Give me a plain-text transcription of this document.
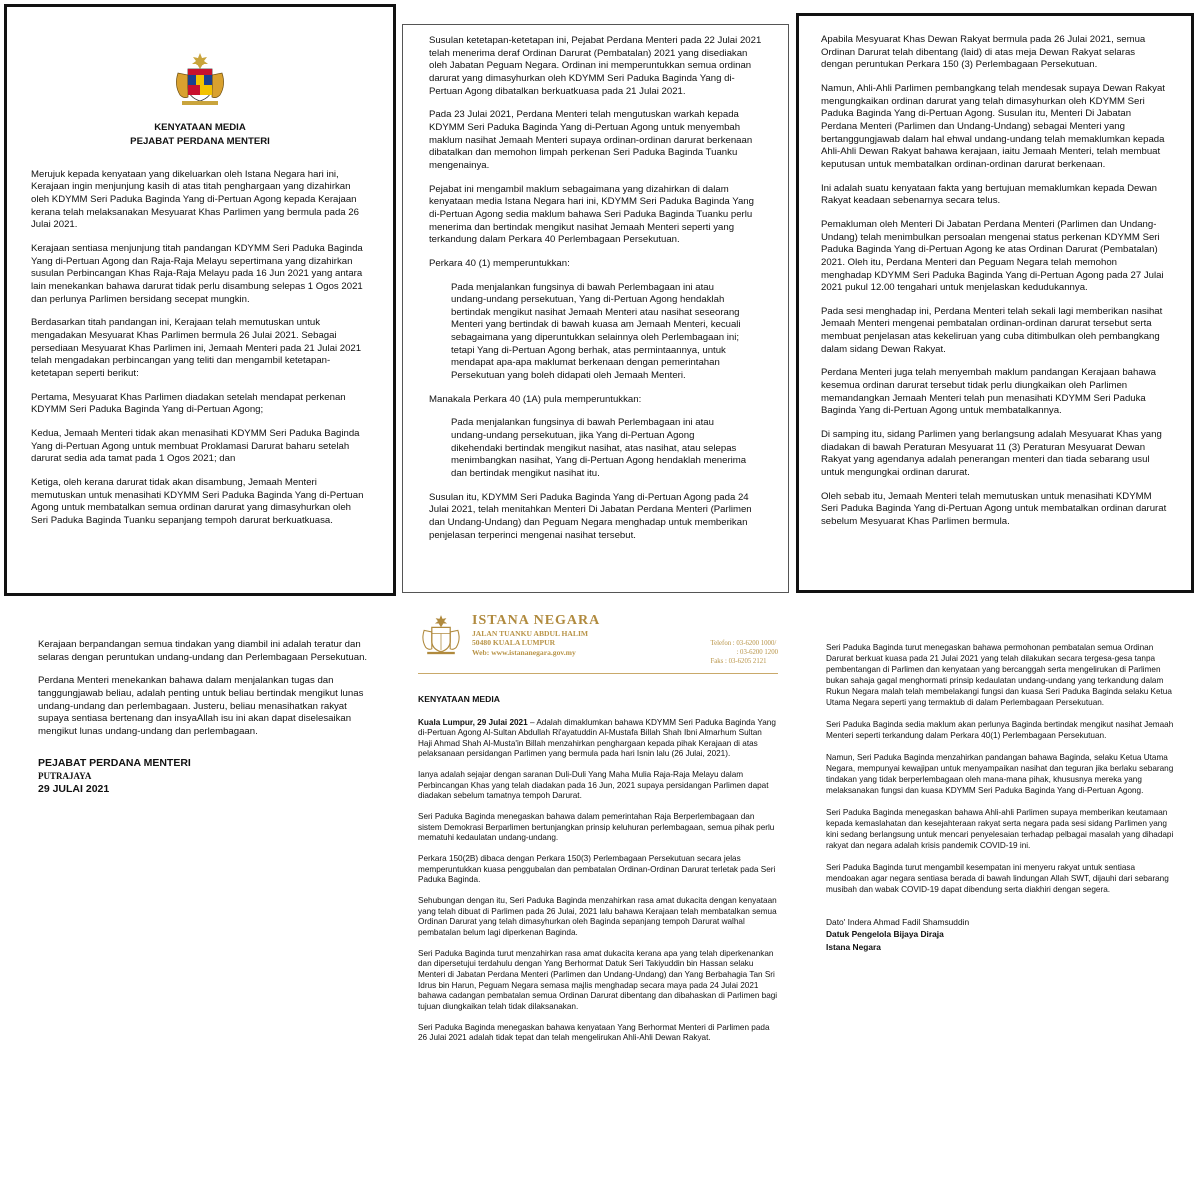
KENYATAAN MEDIA
PEJABAT PERDANA MENTERI

Merujuk kepada kenyataan yang dikeluarkan oleh Istana Negara hari ini, Kerajaan ingin menjunjung kasih di atas titah penghargaan yang dizahirkan oleh KDYMM Seri Paduka Baginda Yang di-Pertuan Agong kepada Kerajaan kerana telah melaksanakan Mesyuarat Khas Parlimen yang bermula pada 26 Julai 2021.

Kerajaan sentiasa menjunjung titah pandangan KDYMM Seri Paduka Baginda Yang di-Pertuan Agong dan Raja-Raja Melayu sepertimana yang dizahirkan susulan Perbincangan Khas Raja-Raja Melayu pada 16 Jun 2021 yang antara lain menekankan bahawa darurat tidak perlu disambung selepas 1 Ogos 2021 dan perlunya Parlimen bersidang secepat mungkin.

Berdasarkan titah pandangan ini, Kerajaan telah memutuskan untuk mengadakan Mesyuarat Khas Parlimen bermula 26 Julai 2021. Sebagai persediaan Mesyuarat Khas Parlimen ini, Jemaah Menteri pada 21 Julai 2021 telah mengadakan perbincangan yang teliti dan mengambil ketetapan-ketetapan seperti berikut:

Pertama, Mesyuarat Khas Parlimen diadakan setelah mendapat perkenan KDYMM Seri Paduka Baginda Yang di-Pertuan Agong;

Kedua, Jemaah Menteri tidak akan menasihati KDYMM Seri Paduka Baginda Yang di-Pertuan Agong untuk membuat Proklamasi Darurat baharu setelah darurat sedia ada tamat pada 1 Ogos 2021; dan

Ketiga, oleh kerana darurat tidak akan disambung, Jemaah Menteri memutuskan untuk menasihati KDYMM Seri Paduka Baginda Yang di-Pertuan Agong untuk membatalkan semua ordinan darurat yang dimasyhurkan oleh Seri Paduka Baginda Tuanku sepanjang tempoh darurat berkuatkuasa.

Susulan ketetapan-ketetapan ini, Pejabat Perdana Menteri pada 22 Julai 2021 telah menerima deraf Ordinan Darurat (Pembatalan) 2021 yang disediakan oleh Jabatan Peguam Negara. Ordinan ini memperuntukkan semua ordinan darurat yang dimasyhurkan oleh KDYMM Seri Paduka Baginda Yang di-Pertuan Agong dibatalkan berkuatkuasa pada 21 Julai 2021.

Pada 23 Julai 2021, Perdana Menteri telah mengutuskan warkah kepada KDYMM Seri Paduka Baginda Yang di-Pertuan Agong untuk menyembah maklum nasihat Jemaah Menteri supaya ordinan-ordinan darurat berkenaan dibatalkan dan memohon limpah perkenan Seri Paduka Baginda Tuanku mengenainya.

Pejabat ini mengambil maklum sebagaimana yang dizahirkan di dalam kenyataan media Istana Negara hari ini, KDYMM Seri Paduka Baginda Yang di-Pertuan Agong sedia maklum bahawa Seri Paduka Baginda Tuanku perlu menerima dan bertindak mengikut nasihat Jemaah Menteri seperti yang terkandung dalam Perkara 40 Perlembagaan Persekutuan.

Perkara 40 (1) memperuntukkan:

Pada menjalankan fungsinya di bawah Perlembagaan ini atau undang-undang persekutuan, Yang di-Pertuan Agong hendaklah bertindak mengikut nasihat Jemaah Menteri atau nasihat seseorang Menteri yang bertindak di bawah kuasa am Jemaah Menteri, kecuali sebagaimana yang diperuntukkan selainnya oleh Perlembagaan ini; tetapi Yang di-Pertuan Agong berhak, atas permintaannya, untuk mendapat apa-apa maklumat berkenaan dengan pemerintahan Persekutuan yang boleh didapati oleh Jemaah Menteri.

Manakala Perkara 40 (1A) pula memperuntukkan:

Pada menjalankan fungsinya di bawah Perlembagaan ini atau undang-undang persekutuan, jika Yang di-Pertuan Agong dikehendaki bertindak mengikut nasihat, atas nasihat, atau selepas menimbangkan nasihat, Yang di-Pertuan Agong hendaklah menerima dan bertindak mengikut nasihat itu.

Susulan itu, KDYMM Seri Paduka Baginda Yang di-Pertuan Agong pada 24 Julai 2021, telah menitahkan Menteri Di Jabatan Perdana Menteri (Parlimen dan Undang-Undang) dan Peguam Negara menghadap untuk memberikan penjelasan terperinci mengenai nasihat tersebut.

Apabila Mesyuarat Khas Dewan Rakyat bermula pada 26 Julai 2021, semua Ordinan Darurat telah dibentang (laid) di atas meja Dewan Rakyat selaras dengan peruntukan Perkara 150 (3) Perlembagaan Persekutuan.

Namun, Ahli-Ahli Parlimen pembangkang telah mendesak supaya Dewan Rakyat mengungkaikan ordinan darurat yang telah dimasyhurkan oleh KDYMM Seri Paduka Baginda Yang di-Pertuan Agong. Susulan itu, Menteri Di Jabatan Perdana Menteri (Parlimen dan Undang-Undang) sebagai Menteri yang bertanggungjawab dalam hal ehwal undang-undang telah memaklumkan kepada Ahli-Ahli Dewan Rakyat bahawa kerajaan, iaitu Jemaah Menteri, telah membuat keputusan untuk membatalkan ordinan-ordinan darurat berkenaan.

Ini adalah suatu kenyataan fakta yang bertujuan memaklumkan kepada Dewan Rakyat keadaan sebenarnya secara telus.

Pemakluman oleh Menteri Di Jabatan Perdana Menteri (Parlimen dan Undang-Undang) telah menimbulkan persoalan mengenai status perkenan KDYMM Seri Paduka Baginda Yang di-Pertuan Agong ke atas Ordinan Darurat (Pembatalan) 2021. Oleh itu, Perdana Menteri dan Peguam Negara telah memohon menghadap KDYMM Seri Paduka Baginda Yang di-Pertuan Agong pada 27 Julai 2021 pukul 12.00 tengahari untuk menjelaskan kedudukannya.

Pada sesi menghadap ini, Perdana Menteri telah sekali lagi memberikan nasihat Jemaah Menteri mengenai pembatalan ordinan-ordinan darurat tersebut serta membuat penjelasan atas kekeliruan yang cuba ditimbulkan oleh pembangkang dalam sidang Dewan Rakyat.

Perdana Menteri juga telah menyembah maklum pandangan Kerajaan bahawa kesemua ordinan darurat tersebut tidak perlu diungkaikan oleh Parlimen memandangkan Jemaah Menteri telah pun menasihati KDYMM Seri Paduka Baginda Yang di-Pertuan Agong untuk membatalkannya.

Di samping itu, sidang Parlimen yang berlangsung adalah Mesyuarat Khas yang diadakan di bawah Peraturan Mesyuarat 11 (3) Peraturan Mesyuarat Dewan Rakyat yang agendanya adalah penerangan menteri dan tiada sebarang usul untuk mengungkai ordinan darurat.

Oleh sebab itu, Jemaah Menteri telah memutuskan untuk menasihati KDYMM Seri Paduka Baginda Yang di-Pertuan Agong untuk membatalkan ordinan darurat sebelum Mesyuarat Khas Parlimen bermula.

Kerajaan berpandangan semua tindakan yang diambil ini adalah teratur dan selaras dengan peruntukan undang-undang dan Perlembagaan Persekutuan.

Perdana Menteri menekankan bahawa dalam menjalankan tugas dan tanggungjawab beliau, adalah penting untuk beliau bertindak mengikut lunas undang-undang dan perlembagaan. Justeru, beliau menasihatkan rakyat supaya sentiasa bertenang dan insyaAllah isu ini akan dapat diselesaikan mengikut lunas undang-undang dan perlembagaan.

PEJABAT PERDANA MENTERI
PUTRAJAYA
29 JULAI 2021
ISTANA NEGARA
JALAN TUANKU ABDUL HALIM
50480 KUALA LUMPUR
Web: www.istananegara.gov.my
Telefon : 03-6200 1000/
: 03-6200 1200
Faks : 03-6205 2121
KENYATAAN MEDIA

Kuala Lumpur, 29 Julai 2021 – Adalah dimaklumkan bahawa KDYMM Seri Paduka Baginda Yang di-Pertuan Agong Al-Sultan Abdullah Ri'ayatuddin Al-Mustafa Billah Shah Ibni Almarhum Sultan Haji Ahmad Shah Al-Musta'in Billah menzahirkan penghargaan kepada pihak Kerajaan di atas pelaksanaan persidangan Parlimen yang bermula pada hari Isnin lalu (26 Julai, 2021).

Ianya adalah sejajar dengan saranan Duli-Duli Yang Maha Mulia Raja-Raja Melayu dalam Perbincangan Khas yang telah diadakan pada 16 Jun, 2021 supaya persidangan Parlimen dapat diadakan sebelum tamatnya tempoh Darurat.

Seri Paduka Baginda menegaskan bahawa dalam pemerintahan Raja Berperlembagaan dan sistem Demokrasi Berparlimen bertunjangkan prinsip keluhuran perlembagaan, semua pihak perlu mematuhi kedaulatan undang-undang.

Perkara 150(2B) dibaca dengan Perkara 150(3) Perlembagaan Persekutuan secara jelas memperuntukkan kuasa penggubalan dan pembatalan Ordinan-Ordinan Darurat terletak pada Seri Paduka Baginda.

Sehubungan dengan itu, Seri Paduka Baginda menzahirkan rasa amat dukacita dengan kenyataan yang telah dibuat di Parlimen pada 26 Julai, 2021 lalu bahawa Kerajaan telah membatalkan semua Ordinan Darurat yang telah dimasyhurkan oleh Baginda sepanjang tempoh Darurat walhal pembatalan belum lagi diperkenan Baginda.

Seri Paduka Baginda turut menzahirkan rasa amat dukacita kerana apa yang telah diperkenankan dan dipersetujui terdahulu dengan Yang Berhormat Datuk Seri Takiyuddin bin Hassan selaku Menteri di Jabatan Perdana Menteri (Parlimen dan Undang-Undang) dan Yang Berbahagia Tan Sri Idrus bin Harun, Peguam Negara semasa majlis menghadap secara maya pada 24 Julai 2021 bahawa cadangan pembatalan semua Ordinan Darurat dibentang dan dibahaskan di Parlimen bagi tujuan diungkaikan telah tidak dilaksanakan.

Seri Paduka Baginda menegaskan bahawa kenyataan Yang Berhormat Menteri di Parlimen pada 26 Julai 2021 adalah tidak tepat dan telah mengelirukan Ahli-Ahli Dewan Rakyat.

Seri Paduka Baginda turut menegaskan bahawa permohonan pembatalan semua Ordinan Darurat berkuat kuasa pada 21 Julai 2021 yang telah dilakukan secara tergesa-gesa tanpa pembentangan di Parlimen dan kenyataan yang bercanggah serta mengelirukan di Parlimen bukan sahaja gagal menghormati prinsip kedaulatan undang-undang yang terkandung dalam Rukun Negara malah telah membelakangi fungsi dan kuasa Seri Paduka Baginda selaku Ketua Utama Negara seperti yang termaktub di dalam Perlembagaan Persekutuan.

Seri Paduka Baginda sedia maklum akan perlunya Baginda bertindak mengikut nasihat Jemaah Menteri seperti terkandung dalam Perkara 40(1) Perlembagaan Persekutuan.

Namun, Seri Paduka Baginda menzahirkan pandangan bahawa Baginda, selaku Ketua Utama Negara, mempunyai kewajipan untuk menyampaikan nasihat dan teguran jika berlaku sebarang tindakan yang tidak berperlembagaan oleh mana-mana pihak, khususnya mereka yang melaksanakan fungsi dan kuasa KDYMM Seri Paduka Baginda Yang di-Pertuan Agong.

Seri Paduka Baginda menegaskan bahawa Ahli-ahli Parlimen supaya memberikan keutamaan kepada kemaslahatan dan kesejahteraan rakyat serta negara pada sesi sidang Parlimen yang kini sedang berlangsung untuk mencari penyelesaian terhadap pelbagai masalah yang dihadapi rakyat dan negara adalah krisis pandemik COVID-19 ini.

Seri Paduka Baginda turut mengambil kesempatan ini menyeru rakyat untuk sentiasa mendoakan agar negara sentiasa berada di bawah lindungan Allah SWT, dijauhi dari sebarang musibah dan wabak COVID-19 dapat dibendung serta diakhiri dengan segera.

Dato' Indera Ahmad Fadil Shamsuddin
Datuk Pengelola Bijaya Diraja
Istana Negara
